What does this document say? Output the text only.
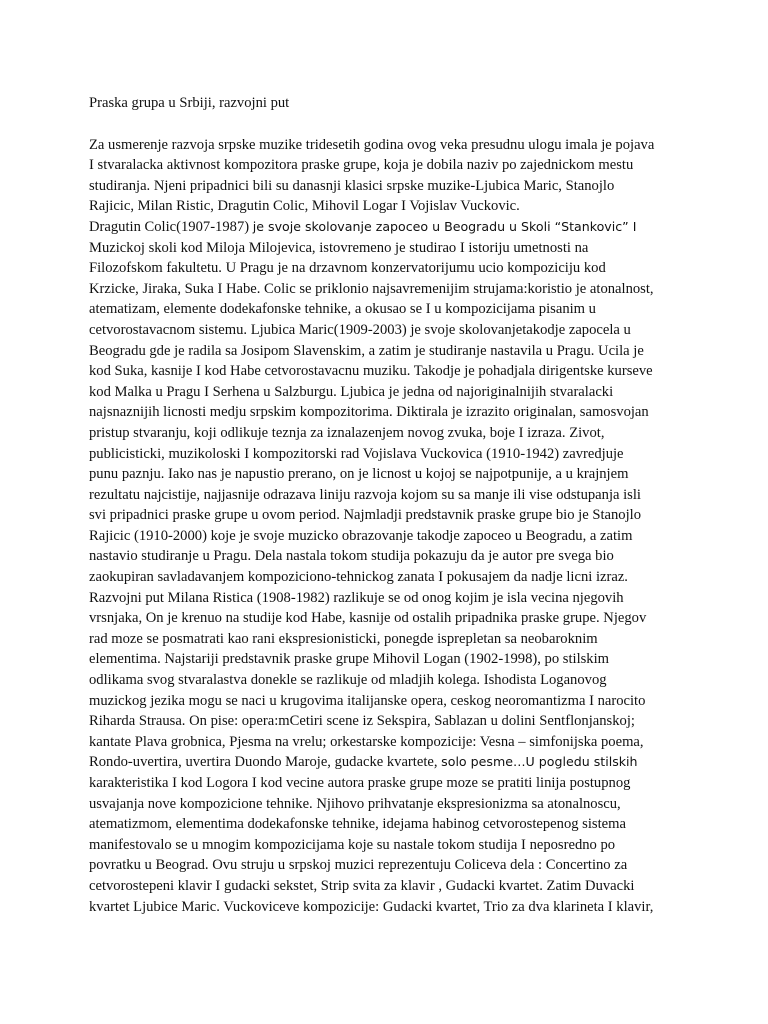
Praska grupa u Srbiji, razvojni put
Za usmerenje razvoja srpske muzike tridesetih godina ovog veka presudnu ulogu imala je pojava
I stvaralacka aktivnost kompozitora praske grupe, koja je dobila naziv po zajednickom mestu
studiranja. Njeni pripadnici bili su danasnji klasici srpske muzike-Ljubica Maric, Stanojlo
Rajicic, Milan Ristic, Dragutin Colic, Mihovil Logar I Vojislav Vuckovic.
Dragutin Colic(1907-1987) je svoje skolovanje zapoceo u Beogradu u Skoli “Stankovic” I
Muzickoj skoli kod Miloja Milojevica, istovremeno je studirao I istoriju umetnosti na
Filozofskom fakultetu. U Pragu je na drzavnom konzervatorijumu ucio kompoziciju kod
Krzicke, Jiraka, Suka I Habe. Colic se priklonio najsavremenijim strujama:koristio je atonalnost,
atematizam, elemente dodekafonske tehnike, a okusao se I u kompozicijama pisanim u
cetvorostavacnom sistemu. Ljubica Maric(1909-2003) je svoje skolovanjetakodje zapocela u
Beogradu gde je radila sa Josipom Slavenskim, a zatim je studiranje nastavila u Pragu. Ucila je
kod Suka, kasnije I kod Habe cetvorostavacnu muziku. Takodje je pohadjala dirigentske kurseve
kod Malka u Pragu I Serhena u Salzburgu. Ljubica je jedna od najoriginalnijih stvaralacki
najsnaznijih licnosti medju srpskim kompozitorima. Diktirala je izrazito originalan, samosvojan
pristup stvaranju, koji odlikuje teznja za iznalazenjem novog zvuka, boje I izraza. Zivot,
publicisticki, muzikoloski I kompozitorski rad Vojislava Vuckovica (1910-1942) zavredjuje
punu paznju. Iako nas je napustio prerano, on je licnost u kojoj se najpotpunije, a u krajnjem
rezultatu najcistije, najjasnije odrazava liniju razvoja kojom su sa manje ili vise odstupanja isli
svi pripadnici praske grupe u ovom period. Najmladji predstavnik praske grupe bio je Stanojlo
Rajicic (1910-2000) koje je svoje muzicko obrazovanje takodje zapoceo u Beogradu, a zatim
nastavio studiranje u Pragu. Dela nastala tokom studija pokazuju da je autor pre svega bio
zaokupiran savladavanjem kompoziciono-tehnickog zanata I pokusajem da nadje licni izraz.
Razvojni put Milana Ristica (1908-1982) razlikuje se od onog kojim je isla vecina njegovih
vrsnjaka, On je krenuo na studije kod Habe, kasnije od ostalih pripadnika praske grupe. Njegov
rad moze se posmatrati kao rani ekspresionisticki, ponegde isprepletan sa neobaroknim
elementima. Najstariji predstavnik praske grupe Mihovil Logan (1902-1998), po stilskim
odlikama svog stvaralastva donekle se razlikuje od mladjih kolega. Ishodista Loganovog
muzickog jezika mogu se naci u krugovima italijanske opera, ceskog neoromantizma I narocito
Riharda Strausa. On pise: opera:mCetiri scene iz Sekspira, Sablazan u dolini Sentflonjanskoj;
kantate Plava grobnica, Pjesma na vrelu; orkestarske kompozicije: Vesna – simfonijska poema,
Rondo-uvertira, uvertira Duondo Maroje, gudacke kvartete, solo pesme…U pogledu stilskih
karakteristika I kod Logora I kod vecine autora praske grupe moze se pratiti linija postupnog
usvajanja nove kompozicione tehnike. Njihovo prihvatanje ekspresionizma sa atonalnoscu,
atematizmom, elementima dodekafonske tehnike, idejama habinog cetvorostepenog sistema
manifestovalo se u mnogim kompozicijama koje su nastale tokom studija I neposredno po
povratku u Beograd. Ovu struju u srpskoj muzici reprezentuju Coliceva dela : Concertino za
cetvorostepeni klavir I gudacki sekstet, Strip svita za klavir , Gudacki kvartet. Zatim Duvacki
kvartet Ljubice Maric. Vuckoviceve kompozicije: Gudacki kvartet, Trio za dva klarineta I klavir,
